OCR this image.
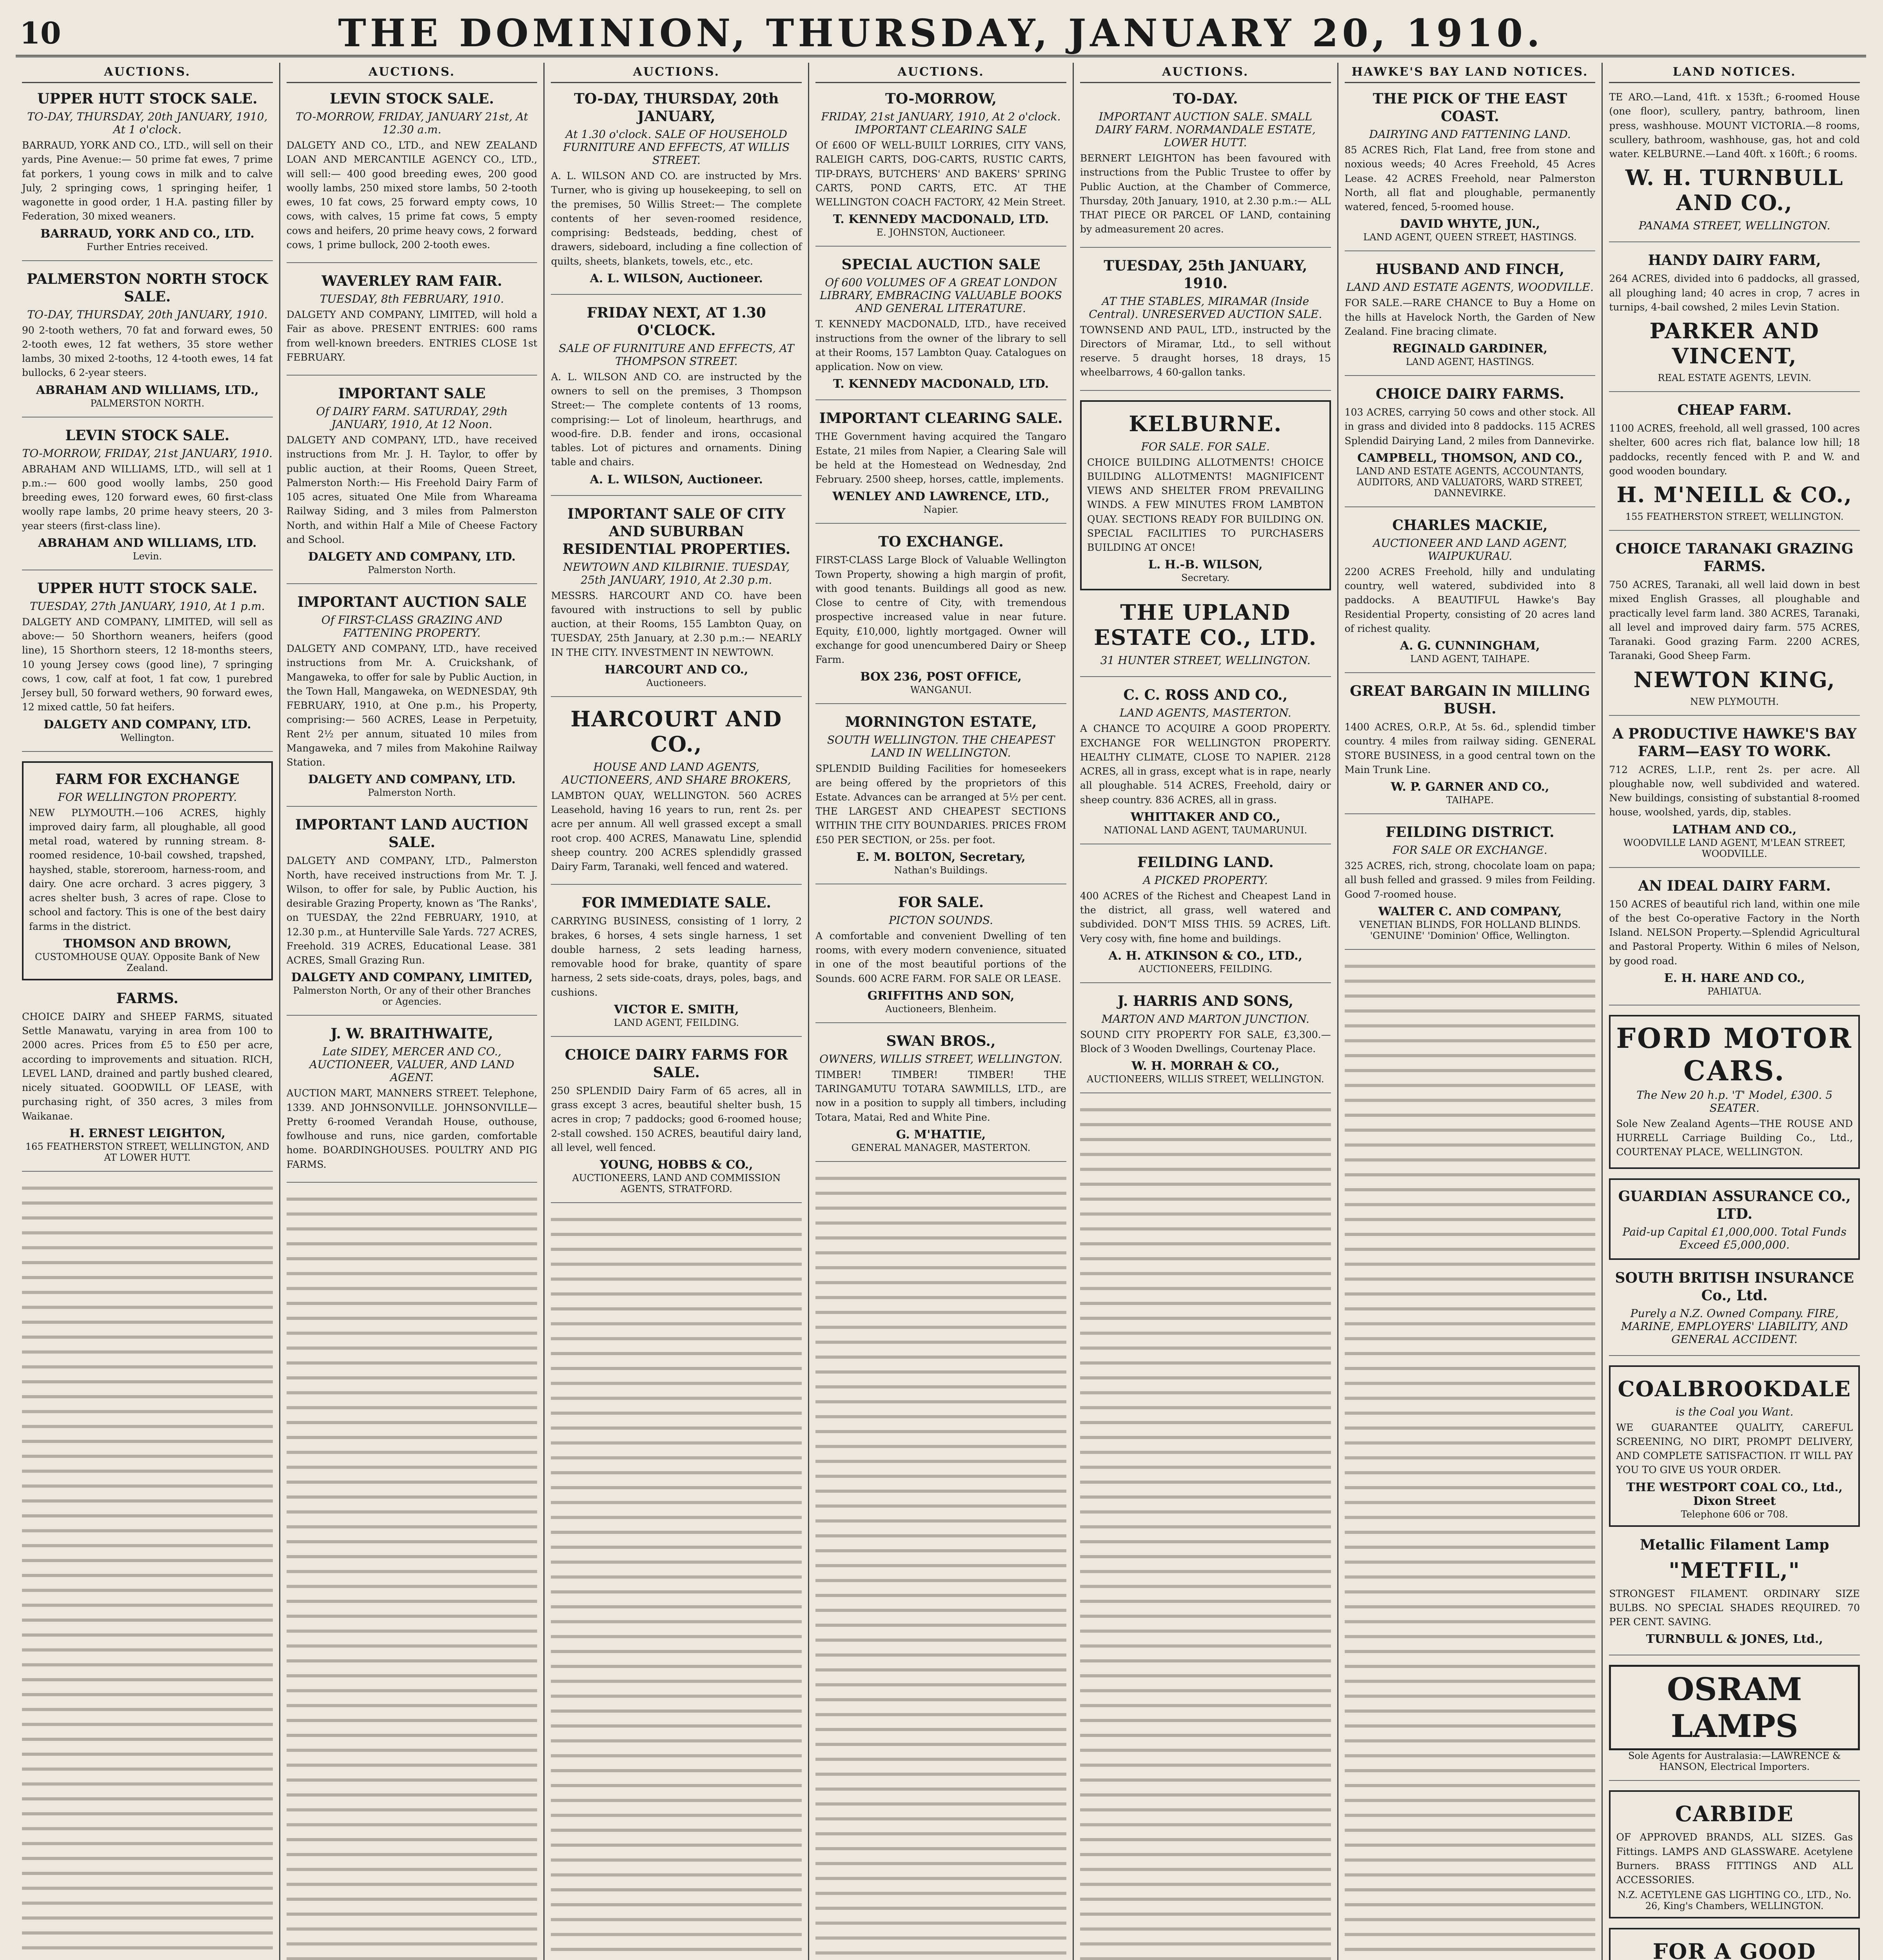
10	THE DOMINION, THURSDAY, JANUARY 20, 1910.
AUCTIONS.
UPPER HUTT STOCK SALE.
TO-DAY, THURSDAY, 20th JANUARY, 1910, At 1 o'clock.
BARRAUD, YORK AND CO., LTD., will sell on their yards, Pine Avenue:— 50 prime fat ewes, 7 prime fat porkers, 1 young cows in milk and to calve July, 2 springing cows, 1 springing heifer, 1 wagonette in good order, 1 H.A. pasting filler by Federation, 30 mixed weaners.
BARRAUD, YORK AND CO., LTD.
Further Entries received.
PALMERSTON NORTH STOCK SALE.
TO-DAY, THURSDAY, 20th JANUARY, 1910.
90 2-tooth wethers, 70 fat and forward ewes, 50 2-tooth ewes, 12 fat wethers, 35 store wether lambs, 30 mixed 2-tooths, 12 4-tooth ewes, 14 fat bullocks, 6 2-year steers.
ABRAHAM AND WILLIAMS, LTD.,
PALMERSTON NORTH.
LEVIN STOCK SALE.
TO-MORROW, FRIDAY, 21st JANUARY, 1910.
ABRAHAM AND WILLIAMS, LTD., will sell at 1 p.m.:— 600 good woolly lambs, 250 good breeding ewes, 120 forward ewes, 60 first-class woolly rape lambs, 20 prime heavy steers, 20 3-year steers (first-class line).
ABRAHAM AND WILLIAMS, LTD.
Levin.
UPPER HUTT STOCK SALE.
TUESDAY, 27th JANUARY, 1910, At 1 p.m.
DALGETY AND COMPANY, LIMITED, will sell as above:— 50 Shorthorn weaners, heifers (good line), 15 Shorthorn steers, 12 18-months steers, 10 young Jersey cows (good line), 7 springing cows, 1 cow, calf at foot, 1 fat cow, 1 purebred Jersey bull, 50 forward wethers, 90 forward ewes, 12 mixed cattle, 50 fat heifers.
DALGETY AND COMPANY, LTD.
Wellington.
FARM FOR EXCHANGE
FOR WELLINGTON PROPERTY.
NEW PLYMOUTH.—106 ACRES, highly improved dairy farm, all ploughable, all good metal road, watered by running stream. 8-roomed residence, 10-bail cowshed, trapshed, hayshed, stable, storeroom, harness-room, and dairy. One acre orchard. 3 acres piggery, 3 acres shelter bush, 3 acres of rape. Close to school and factory. This is one of the best dairy farms in the district.
THOMSON AND BROWN,
CUSTOMHOUSE QUAY. Opposite Bank of New Zealand.
FARMS.
CHOICE DAIRY and SHEEP FARMS, situated Settle Manawatu, varying in area from 100 to 2000 acres. Prices from £5 to £50 per acre, according to improvements and situation. RICH, LEVEL LAND, drained and partly bushed cleared, nicely situated. GOODWILL OF LEASE, with purchasing right, of 350 acres, 3 miles from Waikanae.
H. ERNEST LEIGHTON,
165 FEATHERSTON STREET, WELLINGTON, AND AT LOWER HUTT.
AUCTIONS.
LEVIN STOCK SALE.
TO-MORROW, FRIDAY, JANUARY 21st, At 12.30 a.m.
DALGETY AND CO., LTD., and NEW ZEALAND LOAN AND MERCANTILE AGENCY CO., LTD., will sell:— 400 good breeding ewes, 200 good woolly lambs, 250 mixed store lambs, 50 2-tooth ewes, 10 fat cows, 25 forward empty cows, 10 cows, with calves, 15 prime fat cows, 5 empty cows and heifers, 20 prime heavy cows, 2 forward cows, 1 prime bullock, 200 2-tooth ewes.
WAVERLEY RAM FAIR.
TUESDAY, 8th FEBRUARY, 1910.
DALGETY AND COMPANY, LIMITED, will hold a Fair as above. PRESENT ENTRIES: 600 rams from well-known breeders. ENTRIES CLOSE 1st FEBRUARY.
IMPORTANT SALE
Of DAIRY FARM. SATURDAY, 29th JANUARY, 1910, At 12 Noon.
DALGETY AND COMPANY, LTD., have received instructions from Mr. J. H. Taylor, to offer by public auction, at their Rooms, Queen Street, Palmerston North:— His Freehold Dairy Farm of 105 acres, situated One Mile from Whareama Railway Siding, and 3 miles from Palmerston North, and within Half a Mile of Cheese Factory and School.
DALGETY AND COMPANY, LTD.
Palmerston North.
IMPORTANT AUCTION SALE
Of FIRST-CLASS GRAZING AND FATTENING PROPERTY.
DALGETY AND COMPANY, LTD., have received instructions from Mr. A. Cruickshank, of Mangaweka, to offer for sale by Public Auction, in the Town Hall, Mangaweka, on WEDNESDAY, 9th FEBRUARY, 1910, at One p.m., his Property, comprising:— 560 ACRES, Lease in Perpetuity, Rent 2½ per annum, situated 10 miles from Mangaweka, and 7 miles from Makohine Railway Station.
DALGETY AND COMPANY, LTD.
Palmerston North.
IMPORTANT LAND AUCTION SALE.
DALGETY AND COMPANY, LTD., Palmerston North, have received instructions from Mr. T. J. Wilson, to offer for sale, by Public Auction, his desirable Grazing Property, known as 'The Ranks', on TUESDAY, the 22nd FEBRUARY, 1910, at 12.30 p.m., at Hunterville Sale Yards. 727 ACRES, Freehold. 319 ACRES, Educational Lease. 381 ACRES, Small Grazing Run.
DALGETY AND COMPANY, LIMITED,
Palmerston North, Or any of their other Branches or Agencies.
J. W. BRAITHWAITE,
Late SIDEY, MERCER AND CO., AUCTIONEER, VALUER, AND LAND AGENT.
AUCTION MART, MANNERS STREET. Telephone, 1339. AND JOHNSONVILLE. JOHNSONVILLE—Pretty 6-roomed Verandah House, outhouse, fowlhouse and runs, nice garden, comfortable home. BOARDINGHOUSES. POULTRY AND PIG FARMS.
AUCTIONS.
TO-DAY, THURSDAY, 20th JANUARY,
At 1.30 o'clock. SALE OF HOUSEHOLD FURNITURE AND EFFECTS, AT WILLIS STREET.
A. L. WILSON AND CO. are instructed by Mrs. Turner, who is giving up housekeeping, to sell on the premises, 50 Willis Street:— The complete contents of her seven-roomed residence, comprising: Bedsteads, bedding, chest of drawers, sideboard, including a fine collection of quilts, sheets, blankets, towels, etc., etc.
A. L. WILSON, Auctioneer.
FRIDAY NEXT, AT 1.30 O'CLOCK.
SALE OF FURNITURE AND EFFECTS, AT THOMPSON STREET.
A. L. WILSON AND CO. are instructed by the owners to sell on the premises, 3 Thompson Street:— The complete contents of 13 rooms, comprising:— Lot of linoleum, hearthrugs, and wood-fire. D.B. fender and irons, occasional tables. Lot of pictures and ornaments. Dining table and chairs.
A. L. WILSON, Auctioneer.
IMPORTANT SALE OF CITY AND SUBURBAN RESIDENTIAL PROPERTIES.
NEWTOWN AND KILBIRNIE. TUESDAY, 25th JANUARY, 1910, At 2.30 p.m.
MESSRS. HARCOURT AND CO. have been favoured with instructions to sell by public auction, at their Rooms, 155 Lambton Quay, on TUESDAY, 25th January, at 2.30 p.m.:— NEARLY IN THE CITY. INVESTMENT IN NEWTOWN.
HARCOURT AND CO.,
Auctioneers.
HARCOURT AND CO.,
HOUSE AND LAND AGENTS, AUCTIONEERS, AND SHARE BROKERS,
LAMBTON QUAY, WELLINGTON. 560 ACRES Leasehold, having 16 years to run, rent 2s. per acre per annum. All well grassed except a small root crop. 400 ACRES, Manawatu Line, splendid sheep country. 200 ACRES splendidly grassed Dairy Farm, Taranaki, well fenced and watered.
FOR IMMEDIATE SALE.
CARRYING BUSINESS, consisting of 1 lorry, 2 brakes, 6 horses, 4 sets single harness, 1 set double harness, 2 sets leading harness, removable hood for brake, quantity of spare harness, 2 sets side-coats, drays, poles, bags, and cushions.
VICTOR E. SMITH,
LAND AGENT, FEILDING.
CHOICE DAIRY FARMS FOR SALE.
250 SPLENDID Dairy Farm of 65 acres, all in grass except 3 acres, beautiful shelter bush, 15 acres in crop; 7 paddocks; good 6-roomed house; 2-stall cowshed. 150 ACRES, beautiful dairy land, all level, well fenced.
YOUNG, HOBBS & CO.,
AUCTIONEERS, LAND AND COMMISSION AGENTS, STRATFORD.
AUCTIONS.
TO-MORROW,
FRIDAY, 21st JANUARY, 1910, At 2 o'clock. IMPORTANT CLEARING SALE
Of £600 OF WELL-BUILT LORRIES, CITY VANS, RALEIGH CARTS, DOG-CARTS, RUSTIC CARTS, TIP-DRAYS, BUTCHERS' AND BAKERS' SPRING CARTS, POND CARTS, ETC. AT THE WELLINGTON COACH FACTORY, 42 Mein Street.
T. KENNEDY MACDONALD, LTD.
E. JOHNSTON, Auctioneer.
SPECIAL AUCTION SALE
Of 600 VOLUMES OF A GREAT LONDON LIBRARY, EMBRACING VALUABLE BOOKS AND GENERAL LITERATURE.
T. KENNEDY MACDONALD, LTD., have received instructions from the owner of the library to sell at their Rooms, 157 Lambton Quay. Catalogues on application. Now on view.
T. KENNEDY MACDONALD, LTD.
IMPORTANT CLEARING SALE.
THE Government having acquired the Tangaro Estate, 21 miles from Napier, a Clearing Sale will be held at the Homestead on Wednesday, 2nd February. 2500 sheep, horses, cattle, implements.
WENLEY AND LAWRENCE, LTD.,
Napier.
TO EXCHANGE.
FIRST-CLASS Large Block of Valuable Wellington Town Property, showing a high margin of profit, with good tenants. Buildings all good as new. Close to centre of City, with tremendous prospective increased value in near future. Equity, £10,000, lightly mortgaged. Owner will exchange for good unencumbered Dairy or Sheep Farm.
BOX 236, POST OFFICE,
WANGANUI.
MORNINGTON ESTATE,
SOUTH WELLINGTON. THE CHEAPEST LAND IN WELLINGTON.
SPLENDID Building Facilities for homeseekers are being offered by the proprietors of this Estate. Advances can be arranged at 5½ per cent. THE LARGEST AND CHEAPEST SECTIONS WITHIN THE CITY BOUNDARIES. PRICES FROM £50 PER SECTION, or 25s. per foot.
E. M. BOLTON, Secretary,
Nathan's Buildings.
FOR SALE.
PICTON SOUNDS.
A comfortable and convenient Dwelling of ten rooms, with every modern convenience, situated in one of the most beautiful portions of the Sounds. 600 ACRE FARM. FOR SALE OR LEASE.
GRIFFITHS AND SON,
Auctioneers, Blenheim.
SWAN BROS.,
OWNERS, WILLIS STREET, WELLINGTON.
TIMBER! TIMBER! TIMBER! THE TARINGAMUTU TOTARA SAWMILLS, LTD., are now in a position to supply all timbers, including Totara, Matai, Red and White Pine.
G. M'HATTIE,
GENERAL MANAGER, MASTERTON.
AUCTIONS.
TO-DAY.
IMPORTANT AUCTION SALE. SMALL DAIRY FARM. NORMANDALE ESTATE, LOWER HUTT.
BERNERT LEIGHTON has been favoured with instructions from the Public Trustee to offer by Public Auction, at the Chamber of Commerce, Thursday, 20th January, 1910, at 2.30 p.m.:— ALL THAT PIECE OR PARCEL OF LAND, containing by admeasurement 20 acres.
TUESDAY, 25th JANUARY, 1910.
AT THE STABLES, MIRAMAR (Inside Central). UNRESERVED AUCTION SALE.
TOWNSEND AND PAUL, LTD., instructed by the Directors of Miramar, Ltd., to sell without reserve. 5 draught horses, 18 drays, 15 wheelbarrows, 4 60-gallon tanks.
KELBURNE.
FOR SALE. FOR SALE.
CHOICE BUILDING ALLOTMENTS! CHOICE BUILDING ALLOTMENTS! MAGNIFICENT VIEWS AND SHELTER FROM PREVAILING WINDS. A FEW MINUTES FROM LAMBTON QUAY. SECTIONS READY FOR BUILDING ON. SPECIAL FACILITIES TO PURCHASERS BUILDING AT ONCE!
L. H.-B. WILSON,
Secretary.
THE UPLAND ESTATE CO., LTD.
31 HUNTER STREET, WELLINGTON.
C. C. ROSS AND CO.,
LAND AGENTS, MASTERTON.
A CHANCE TO ACQUIRE A GOOD PROPERTY. EXCHANGE FOR WELLINGTON PROPERTY. HEALTHY CLIMATE, CLOSE TO NAPIER. 2128 ACRES, all in grass, except what is in rape, nearly all ploughable. 514 ACRES, Freehold, dairy or sheep country. 836 ACRES, all in grass.
WHITTAKER AND CO.,
NATIONAL LAND AGENT, TAUMARUNUI.
FEILDING LAND.
A PICKED PROPERTY.
400 ACRES of the Richest and Cheapest Land in the district, all grass, well watered and subdivided. DON'T MISS THIS. 59 ACRES, Lift. Very cosy with, fine home and buildings.
A. H. ATKINSON & CO., LTD.,
AUCTIONEERS, FEILDING.
J. HARRIS AND SONS,
MARTON AND MARTON JUNCTION.
SOUND CITY PROPERTY FOR SALE, £3,300.—Block of 3 Wooden Dwellings, Courtenay Place.
W. H. MORRAH & CO.,
AUCTIONEERS, WILLIS STREET, WELLINGTON.
HAWKE'S BAY LAND NOTICES.
THE PICK OF THE EAST COAST.
DAIRYING AND FATTENING LAND.
85 ACRES Rich, Flat Land, free from stone and noxious weeds; 40 Acres Freehold, 45 Acres Lease. 42 ACRES Freehold, near Palmerston North, all flat and ploughable, permanently watered, fenced, 5-roomed house.
DAVID WHYTE, JUN.,
LAND AGENT, QUEEN STREET, HASTINGS.
HUSBAND AND FINCH,
LAND AND ESTATE AGENTS, WOODVILLE.
FOR SALE.—RARE CHANCE to Buy a Home on the hills at Havelock North, the Garden of New Zealand. Fine bracing climate.
REGINALD GARDINER,
LAND AGENT, HASTINGS.
CHOICE DAIRY FARMS.
103 ACRES, carrying 50 cows and other stock. All in grass and divided into 8 paddocks. 115 ACRES Splendid Dairying Land, 2 miles from Dannevirke.
CAMPBELL, THOMSON, AND CO.,
LAND AND ESTATE AGENTS, ACCOUNTANTS, AUDITORS, AND VALUATORS, WARD STREET, DANNEVIRKE.
CHARLES MACKIE,
AUCTIONEER AND LAND AGENT, WAIPUKURAU.
2200 ACRES Freehold, hilly and undulating country, well watered, subdivided into 8 paddocks. A BEAUTIFUL Hawke's Bay Residential Property, consisting of 20 acres land of richest quality.
A. G. CUNNINGHAM,
LAND AGENT, TAIHAPE.
GREAT BARGAIN IN MILLING BUSH.
1400 ACRES, O.R.P., At 5s. 6d., splendid timber country. 4 miles from railway siding. GENERAL STORE BUSINESS, in a good central town on the Main Trunk Line.
W. P. GARNER AND CO.,
TAIHAPE.
FEILDING DISTRICT.
FOR SALE OR EXCHANGE.
325 ACRES, rich, strong, chocolate loam on papa; all bush felled and grassed. 9 miles from Feilding. Good 7-roomed house.
WALTER C. AND COMPANY,
VENETIAN BLINDS, FOR HOLLAND BLINDS. 'GENUINE' 'Dominion' Office, Wellington.
LAND NOTICES.
TE ARO.—Land, 41ft. x 153ft.; 6-roomed House (one floor), scullery, pantry, bathroom, linen press, washhouse. MOUNT VICTORIA.—8 rooms, scullery, bathroom, washhouse, gas, hot and cold water. KELBURNE.—Land 40ft. x 160ft.; 6 rooms.
W. H. TURNBULL AND CO.,
PANAMA STREET, WELLINGTON.
HANDY DAIRY FARM,
264 ACRES, divided into 6 paddocks, all grassed, all ploughing land; 40 acres in crop, 7 acres in turnips, 4-bail cowshed, 2 miles Levin Station.
PARKER AND VINCENT,
REAL ESTATE AGENTS, LEVIN.
CHEAP FARM.
1100 ACRES, freehold, all well grassed, 100 acres shelter, 600 acres rich flat, balance low hill; 18 paddocks, recently fenced with P. and W. and good wooden boundary.
H. M'NEILL & CO.,
155 FEATHERSTON STREET, WELLINGTON.
CHOICE TARANAKI GRAZING FARMS.
750 ACRES, Taranaki, all well laid down in best mixed English Grasses, all ploughable and practically level farm land. 380 ACRES, Taranaki, all level and improved dairy farm. 575 ACRES, Taranaki. Good grazing Farm. 2200 ACRES, Taranaki, Good Sheep Farm.
NEWTON KING,
NEW PLYMOUTH.
A PRODUCTIVE HAWKE'S BAY FARM—EASY TO WORK.
712 ACRES, L.I.P., rent 2s. per acre. All ploughable now, well subdivided and watered. New buildings, consisting of substantial 8-roomed house, woolshed, yards, dip, stables.
LATHAM AND CO.,
WOODVILLE LAND AGENT, M'LEAN STREET, WOODVILLE.
AN IDEAL DAIRY FARM.
150 ACRES of beautiful rich land, within one mile of the best Co-operative Factory in the North Island. NELSON Property.—Splendid Agricultural and Pastoral Property. Within 6 miles of Nelson, by good road.
E. H. HARE AND CO.,
PAHIATUA.
FORD MOTOR CARS.
The New 20 h.p. 'T' Model, £300. 5 SEATER.
Sole New Zealand Agents—THE ROUSE AND HURRELL Carriage Building Co., Ltd., COURTENAY PLACE, WELLINGTON.
GUARDIAN ASSURANCE CO., LTD.
Paid-up Capital £1,000,000. Total Funds Exceed £5,000,000.
SOUTH BRITISH INSURANCE Co., Ltd.
Purely a N.Z. Owned Company. FIRE, MARINE, EMPLOYERS' LIABILITY, AND GENERAL ACCIDENT.
COALBROOKDALE
is the Coal you Want.
WE GUARANTEE QUALITY, CAREFUL SCREENING, NO DIRT, PROMPT DELIVERY, AND COMPLETE SATISFACTION. IT WILL PAY YOU TO GIVE US YOUR ORDER.
THE WESTPORT COAL CO., Ltd., Dixon Street
Telephone 606 or 708.
Metallic Filament Lamp
"METFIL,"
STRONGEST FILAMENT. ORDINARY SIZE BULBS. NO SPECIAL SHADES REQUIRED. 70 PER CENT. SAVING.
TURNBULL & JONES, Ltd.,
OSRAM LAMPS
Sole Agents for Australasia:—LAWRENCE & HANSON, Electrical Importers.
CARBIDE
OF APPROVED BRANDS, ALL SIZES. Gas Fittings. LAMPS AND GLASSWARE. Acetylene Burners. BRASS FITTINGS AND ALL ACCESSORIES.
N.Z. ACETYLENE GAS LIGHTING CO., LTD., No. 26, King's Chambers, WELLINGTON.
FOR A GOOD
